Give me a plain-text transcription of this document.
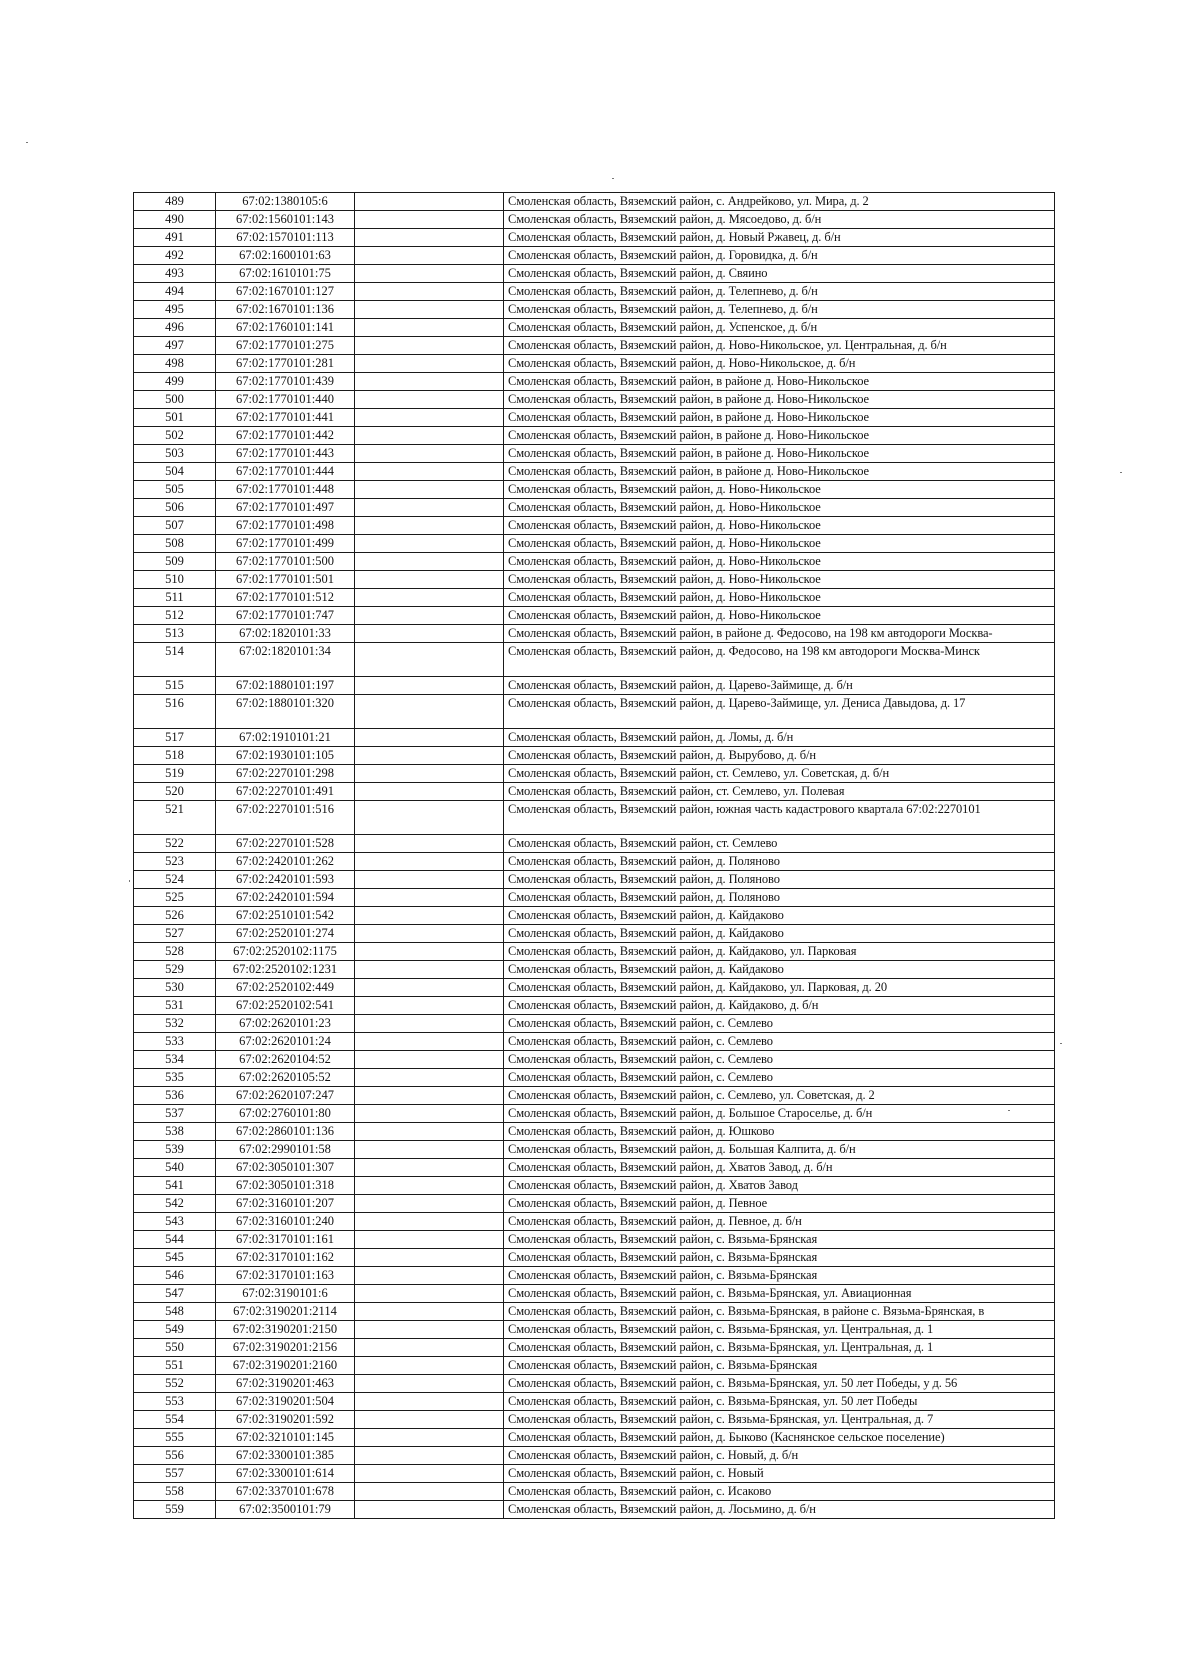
489	67:02:1380105:6		Смоленская область, Вяземский район, с. Андрейково, ул. Мира, д. 2
490	67:02:1560101:143		Смоленская область, Вяземский район, д. Мясоедово, д. б/н
491	67:02:1570101:113		Смоленская область, Вяземский район, д. Новый Ржавец, д. б/н
492	67:02:1600101:63		Смоленская область, Вяземский район, д. Горовидка, д. б/н
493	67:02:1610101:75		Смоленская область, Вяземский район, д. Свяино
494	67:02:1670101:127		Смоленская область, Вяземский район, д. Телепнево, д. б/н
495	67:02:1670101:136		Смоленская область, Вяземский район, д. Телепнево, д. б/н
496	67:02:1760101:141		Смоленская область, Вяземский район, д. Успенское, д. б/н
497	67:02:1770101:275		Смоленская область, Вяземский район, д. Ново-Никольское, ул. Центральная, д. б/н
498	67:02:1770101:281		Смоленская область, Вяземский район, д. Ново-Никольское, д. б/н
499	67:02:1770101:439		Смоленская область, Вяземский район, в районе д. Ново-Никольское
500	67:02:1770101:440		Смоленская область, Вяземский район, в районе д. Ново-Никольское
501	67:02:1770101:441		Смоленская область, Вяземский район, в районе д. Ново-Никольское
502	67:02:1770101:442		Смоленская область, Вяземский район, в районе д. Ново-Никольское
503	67:02:1770101:443		Смоленская область, Вяземский район, в районе д. Ново-Никольское
504	67:02:1770101:444		Смоленская область, Вяземский район, в районе д. Ново-Никольское
505	67:02:1770101:448		Смоленская область, Вяземский район, д. Ново-Никольское
506	67:02:1770101:497		Смоленская область, Вяземский район, д. Ново-Никольское
507	67:02:1770101:498		Смоленская область, Вяземский район, д. Ново-Никольское
508	67:02:1770101:499		Смоленская область, Вяземский район, д. Ново-Никольское
509	67:02:1770101:500		Смоленская область, Вяземский район, д. Ново-Никольское
510	67:02:1770101:501		Смоленская область, Вяземский район, д. Ново-Никольское
511	67:02:1770101:512		Смоленская область, Вяземский район, д. Ново-Никольское
512	67:02:1770101:747		Смоленская область, Вяземский район, д. Ново-Никольское
513	67:02:1820101:33		Смоленская область, Вяземский район, в районе д. Федосово, на 198 км автодороги Москва-
514	67:02:1820101:34		Смоленская область, Вяземский район, д. Федосово, на 198 км автодороги Москва-Минск
515	67:02:1880101:197		Смоленская область, Вяземский район, д. Царево-Займище, д. б/н
516	67:02:1880101:320		Смоленская область, Вяземский район, д. Царево-Займище, ул. Дениса Давыдова, д. 17
517	67:02:1910101:21		Смоленская область, Вяземский район, д. Ломы, д. б/н
518	67:02:1930101:105		Смоленская область, Вяземский район, д. Вырубово, д. б/н
519	67:02:2270101:298		Смоленская область, Вяземский район, ст. Семлево, ул. Советская, д. б/н
520	67:02:2270101:491		Смоленская область, Вяземский район, ст. Семлево, ул. Полевая
521	67:02:2270101:516		Смоленская область, Вяземский район, южная часть кадастрового квартала 67:02:2270101
522	67:02:2270101:528		Смоленская область, Вяземский район, ст. Семлево
523	67:02:2420101:262		Смоленская область, Вяземский район, д. Поляново
524	67:02:2420101:593		Смоленская область, Вяземский район, д. Поляново
525	67:02:2420101:594		Смоленская область, Вяземский район, д. Поляново
526	67:02:2510101:542		Смоленская область, Вяземский район, д. Кайдаково
527	67:02:2520101:274		Смоленская область, Вяземский район, д. Кайдаково
528	67:02:2520102:1175		Смоленская область, Вяземский район, д. Кайдаково, ул. Парковая
529	67:02:2520102:1231		Смоленская область, Вяземский район, д. Кайдаково
530	67:02:2520102:449		Смоленская область, Вяземский район, д. Кайдаково, ул. Парковая, д. 20
531	67:02:2520102:541		Смоленская область, Вяземский район, д. Кайдаково, д. б/н
532	67:02:2620101:23		Смоленская область, Вяземский район, с. Семлево
533	67:02:2620101:24		Смоленская область, Вяземский район, с. Семлево
534	67:02:2620104:52		Смоленская область, Вяземский район, с. Семлево
535	67:02:2620105:52		Смоленская область, Вяземский район, с. Семлево
536	67:02:2620107:247		Смоленская область, Вяземский район, с. Семлево, ул. Советская, д. 2
537	67:02:2760101:80		Смоленская область, Вяземский район, д. Большое Староселье, д. б/н
538	67:02:2860101:136		Смоленская область, Вяземский район, д. Юшково
539	67:02:2990101:58		Смоленская область, Вяземский район, д. Большая Калпита, д. б/н
540	67:02:3050101:307		Смоленская область, Вяземский район, д. Хватов Завод, д. б/н
541	67:02:3050101:318		Смоленская область, Вяземский район, д. Хватов Завод
542	67:02:3160101:207		Смоленская область, Вяземский район, д. Певное
543	67:02:3160101:240		Смоленская область, Вяземский район, д. Певное, д. б/н
544	67:02:3170101:161		Смоленская область, Вяземский район, с. Вязьма-Брянская
545	67:02:3170101:162		Смоленская область, Вяземский район, с. Вязьма-Брянская
546	67:02:3170101:163		Смоленская область, Вяземский район, с. Вязьма-Брянская
547	67:02:3190101:6		Смоленская область, Вяземский район, с. Вязьма-Брянская, ул. Авиационная
548	67:02:3190201:2114		Смоленская область, Вяземский район, с. Вязьма-Брянская, в районе с. Вязьма-Брянская, в
549	67:02:3190201:2150		Смоленская область, Вяземский район, с. Вязьма-Брянская, ул. Центральная, д. 1
550	67:02:3190201:2156		Смоленская область, Вяземский район, с. Вязьма-Брянская, ул. Центральная, д. 1
551	67:02:3190201:2160		Смоленская область, Вяземский район, с. Вязьма-Брянская
552	67:02:3190201:463		Смоленская область, Вяземский район, с. Вязьма-Брянская, ул. 50 лет Победы, у д. 56
553	67:02:3190201:504		Смоленская область, Вяземский район, с. Вязьма-Брянская, ул. 50 лет Победы
554	67:02:3190201:592		Смоленская область, Вяземский район, с. Вязьма-Брянская, ул. Центральная, д. 7
555	67:02:3210101:145		Смоленская область, Вяземский район, д. Быково (Каснянское сельское поселение)
556	67:02:3300101:385		Смоленская область, Вяземский район, с. Новый, д. б/н
557	67:02:3300101:614		Смоленская область, Вяземский район, с. Новый
558	67:02:3370101:678		Смоленская область, Вяземский район, с. Исаково
559	67:02:3500101:79		Смоленская область, Вяземский район, д. Лосьмино, д. б/н
